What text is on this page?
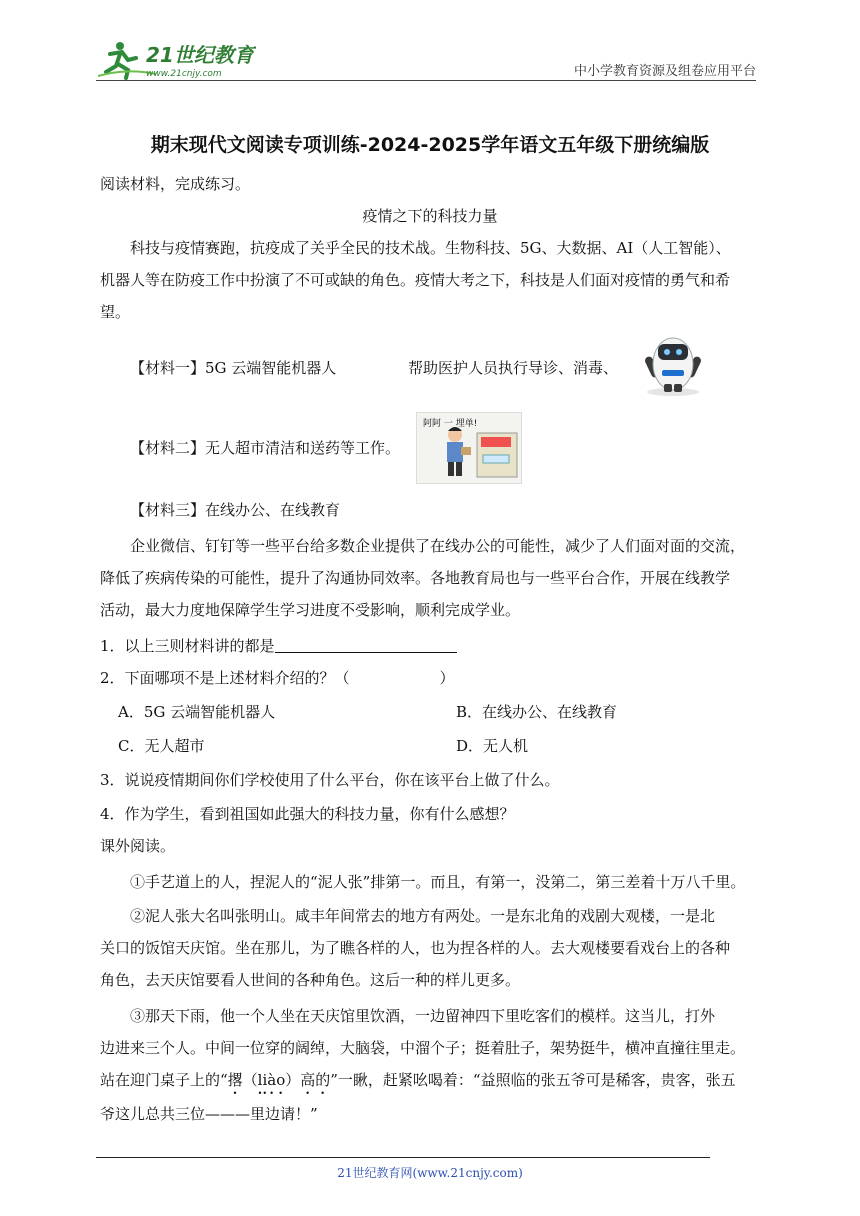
21世纪教育
www.21cnjy.com	中小学教育资源及组卷应用平台
期末现代文阅读专项训练-2024-2025学年语文五年级下册统编版
阅读材料，完成练习。
疫情之下的科技力量
科技与疫情赛跑，抗疫成了关乎全民的技术战。生物科技、5G、大数据、AI（人工智能）、
机器人等在防疫工作中扮演了不可或缺的角色。疫情大考之下，科技是人们面对疫情的勇气和希
望。
【材料一】5G 云端智能机器人	帮助医护人员执行导诊、消毒、
【材料二】无人超市清洁和送药等工作。
阿阿 一 埋单!
【材料三】在线办公、在线教育
企业微信、钉钉等一些平台给多数企业提供了在线办公的可能性，减少了人们面对面的交流，
降低了疾病传染的可能性，提升了沟通协同效率。各地教育局也与一些平台合作，开展在线教学
活动，最大力度地保障学生学习进度不受影响，顺利完成学业。
1．以上三则材料讲的都是
2．下面哪项不是上述材料介绍的？（　　　　　　）
A．5G 云端智能机器人	B．在线办公、在线教育
C．无人超市	D．无人机
3．说说疫情期间你们学校使用了什么平台，你在该平台上做了什么。
4．作为学生，看到祖国如此强大的科技力量，你有什么感想？
课外阅读。
①手艺道上的人，捏泥人的“泥人张”排第一。而且，有第一，没第二，第三差着十万八千里。
②泥人张大名叫张明山。咸丰年间常去的地方有两处。一是东北角的戏剧大观楼，一是北
关口的饭馆天庆馆。坐在那儿，为了瞧各样的人，也为捏各样的人。去大观楼要看戏台上的各种
角色，去天庆馆要看人世间的各种角色。这后一种的样儿更多。
③那天下雨，他一个人坐在天庆馆里饮酒，一边留神四下里吃客们的模样。这当儿，打外
边进来三个人。中间一位穿的阔绰，大脑袋，中溜个子；挺着肚子，架势挺牛，横冲直撞往里走。
站在迎门桌子上的“撂（liào）高的”一瞅，赶紧吆喝着：“益照临的张五爷可是稀客，贵客，张五
爷这儿总共三位———里边请！”
21世纪教育网(www.21cnjy.com)
